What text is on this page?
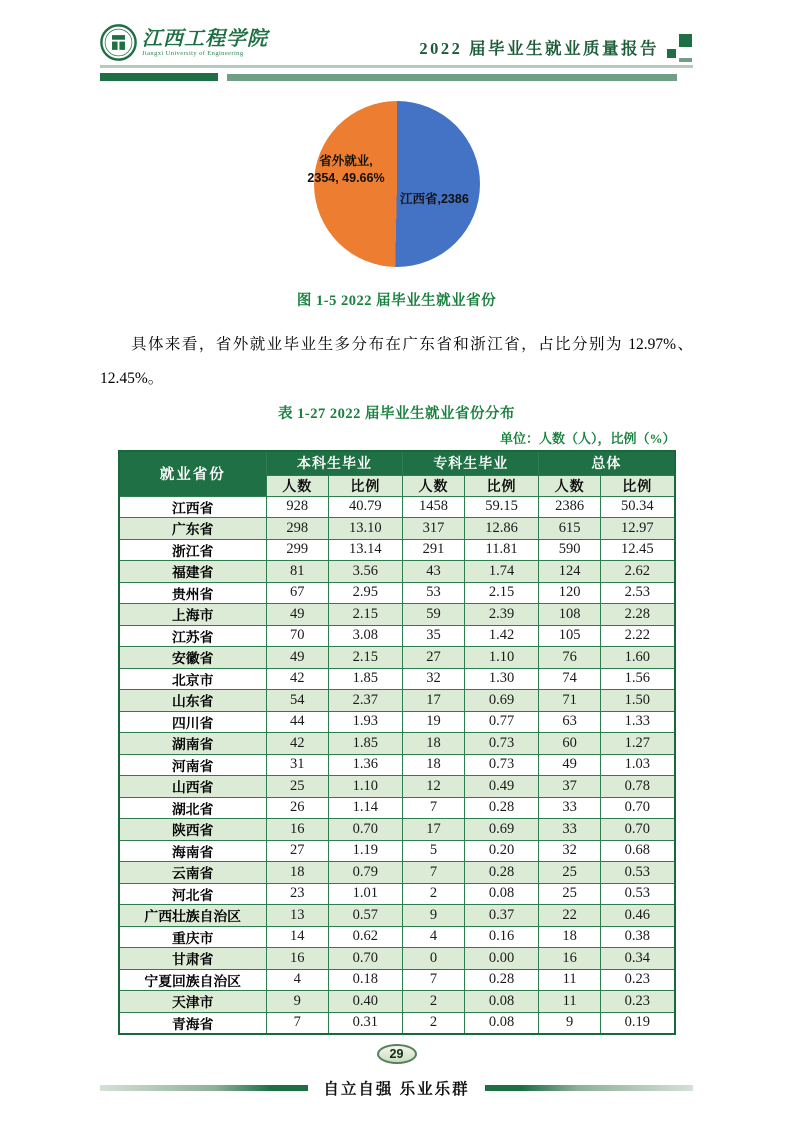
江西工程学院
Jiangxi University of Engineering	2022 届毕业生就业质量报告
省外就业,
2354, 49.66%
江西省,2386
图 1-5 2022 届毕业生就业省份

具体来看，省外就业毕业生多分布在广东省和浙江省，占比分别为 12.97%、12.45%。

表 1-27 2022 届毕业生就业省份分布
单位：人数（人），比例（%）
就业省份	本科生毕业		专科生毕业		总体	
	人数	比例	人数	比例	人数	比例
江西省	928	40.79	1458	59.15	2386	50.34
广东省	298	13.10	317	12.86	615	12.97
浙江省	299	13.14	291	11.81	590	12.45
福建省	81	3.56	43	1.74	124	2.62
贵州省	67	2.95	53	2.15	120	2.53
上海市	49	2.15	59	2.39	108	2.28
江苏省	70	3.08	35	1.42	105	2.22
安徽省	49	2.15	27	1.10	76	1.60
北京市	42	1.85	32	1.30	74	1.56
山东省	54	2.37	17	0.69	71	1.50
四川省	44	1.93	19	0.77	63	1.33
湖南省	42	1.85	18	0.73	60	1.27
河南省	31	1.36	18	0.73	49	1.03
山西省	25	1.10	12	0.49	37	0.78
湖北省	26	1.14	7	0.28	33	0.70
陕西省	16	0.70	17	0.69	33	0.70
海南省	27	1.19	5	0.20	32	0.68
云南省	18	0.79	7	0.28	25	0.53
河北省	23	1.01	2	0.08	25	0.53
广西壮族自治区	13	0.57	9	0.37	22	0.46
重庆市	14	0.62	4	0.16	18	0.38
甘肃省	16	0.70	0	0.00	16	0.34
宁夏回族自治区	4	0.18	7	0.28	11	0.23
天津市	9	0.40	2	0.08	11	0.23
青海省	7	0.31	2	0.08	9	0.19
29
自立自强 乐业乐群
